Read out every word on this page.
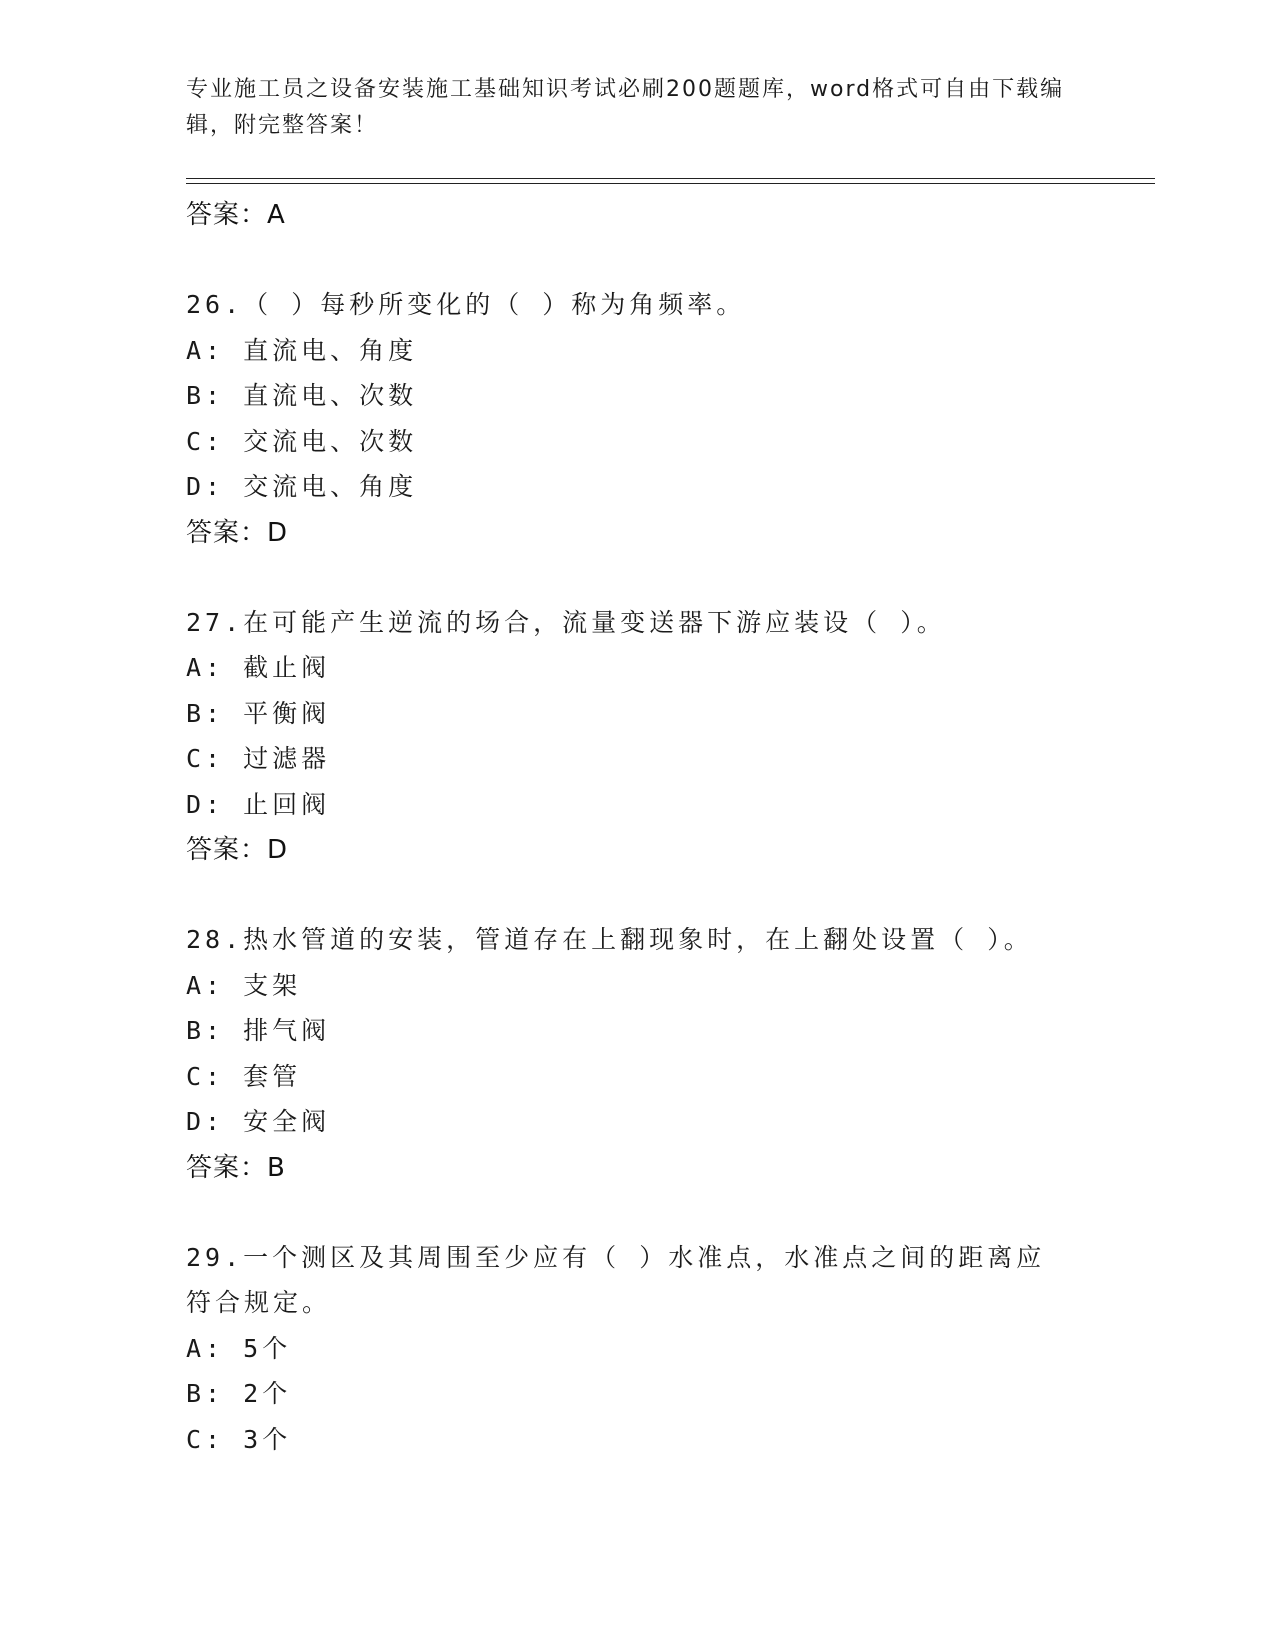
专业施工员之设备安装施工基础知识考试必刷200题题库，word格式可自由下载编辑，附完整答案！
答案：A
26.（ ）每秒所变化的（ ）称为角频率。
A: 直流电、角度
B: 直流电、次数
C: 交流电、次数
D: 交流电、角度
答案：D
27.在可能产生逆流的场合，流量变送器下游应装设（ ）。
A: 截止阀
B: 平衡阀
C: 过滤器
D: 止回阀
答案：D
28.热水管道的安装，管道存在上翻现象时，在上翻处设置（ ）。
A: 支架
B: 排气阀
C: 套管
D: 安全阀
答案：B
29.一个测区及其周围至少应有（ ）水准点，水准点之间的距离应符合规定。
A: 5个
B: 2个
C: 3个
